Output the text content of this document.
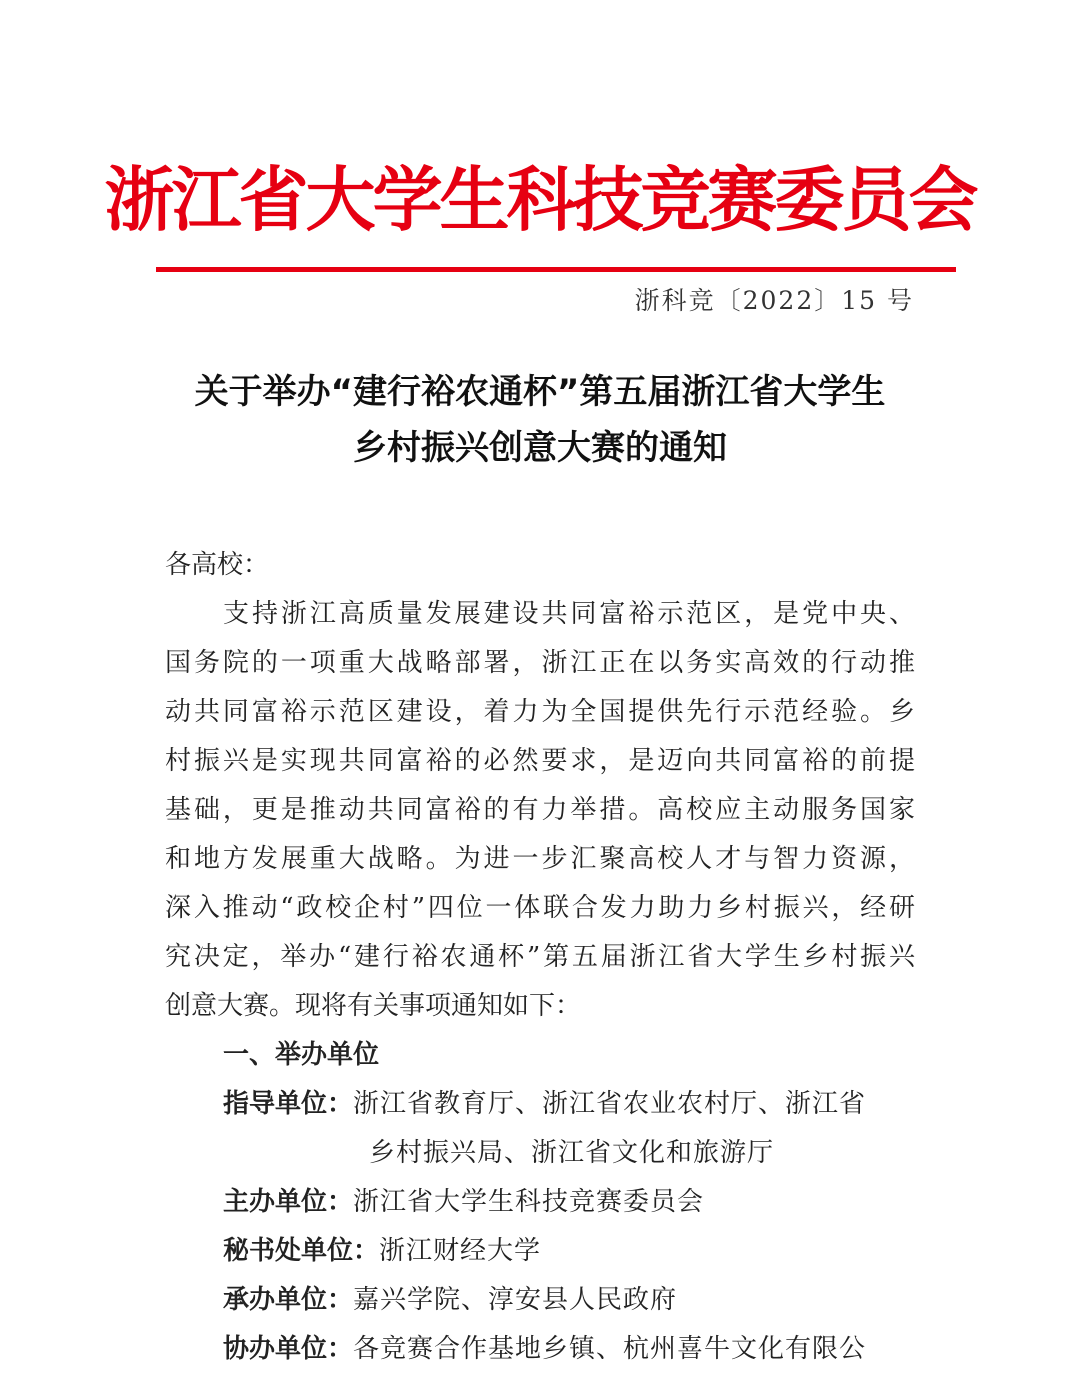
浙江省大学生科技竞赛委员会
浙科竞〔2022〕15 号
关于举办“建行裕农通杯”第五届浙江省大学生
乡村振兴创意大赛的通知
各高校：
支持浙江高质量发展建设共同富裕示范区，是党中央、
国务院的一项重大战略部署，浙江正在以务实高效的行动推
动共同富裕示范区建设，着力为全国提供先行示范经验。乡
村振兴是实现共同富裕的必然要求，是迈向共同富裕的前提
基础，更是推动共同富裕的有力举措。高校应主动服务国家
和地方发展重大战略。为进一步汇聚高校人才与智力资源，
深入推动“政校企村”四位一体联合发力助力乡村振兴，经研
究决定，举办“建行裕农通杯”第五届浙江省大学生乡村振兴
创意大赛。现将有关事项通知如下：
一、举办单位
指导单位： 浙江省教育厅、浙江省农业农村厅、浙江省
乡村振兴局、浙江省文化和旅游厅
主办单位： 浙江省大学生科技竞赛委员会
秘书处单位： 浙江财经大学
承办单位： 嘉兴学院、淳安县人民政府
协办单位： 各竞赛合作基地乡镇、杭州喜牛文化有限公
